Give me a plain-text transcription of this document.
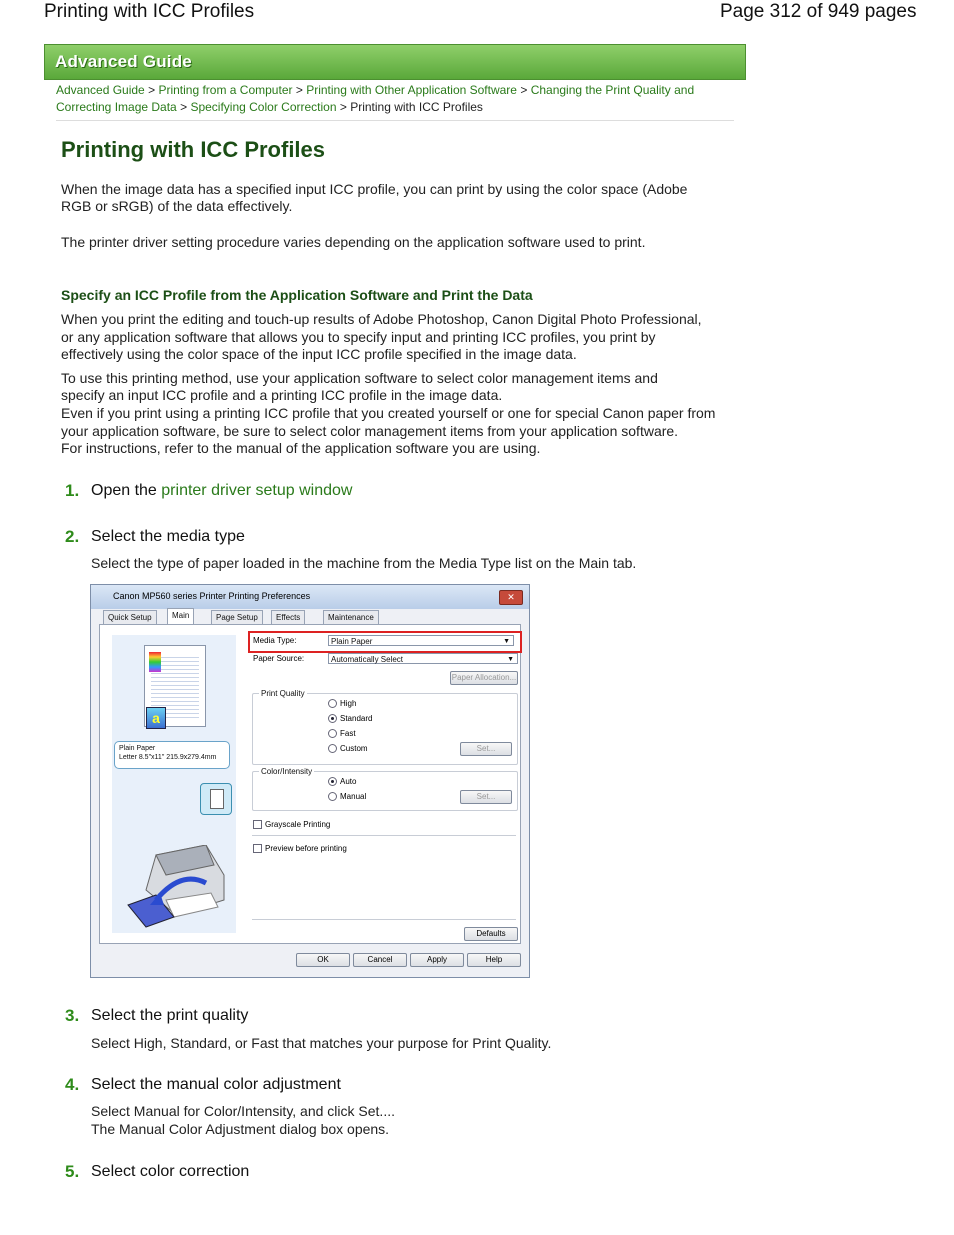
Printing with ICC Profiles	Page 312 of 949 pages
Advanced Guide
Advanced Guide > Printing from a Computer > Printing with Other Application Software > Changing the Print Quality and
Correcting Image Data > Specifying Color Correction > Printing with ICC Profiles
Printing with ICC Profiles
When the image data has a specified input ICC profile, you can print by using the color space (Adobe
RGB or sRGB) of the data effectively.
The printer driver setting procedure varies depending on the application software used to print.
Specify an ICC Profile from the Application Software and Print the Data
When you print the editing and touch-up results of Adobe Photoshop, Canon Digital Photo Professional,
or any application software that allows you to specify input and printing ICC profiles, you print by
effectively using the color space of the input ICC profile specified in the image data.
To use this printing method, use your application software to select color management items and
specify an input ICC profile and a printing ICC profile in the image data.
Even if you print using a printing ICC profile that you created yourself or one for special Canon paper from
your application software, be sure to select color management items from your application software.
For instructions, refer to the manual of the application software you are using.
1. Open the printer driver setup window
2. Select the media type
Select the type of paper loaded in the machine from the Media Type list on the Main tab.
Canon MP560 series Printer Printing Preferences	✕
Quick Setup	Main	Page Setup	Effects	Maintenance
Plain Paper
Letter 8.5"x11" 215.9x279.4mm
Media Type:	Plain Paper	▼
Paper Source:	Automatically Select	▼
Paper Allocation...
Print Quality
a
High
Standard
Fast
Custom	Set...
Color/Intensity
Auto
Manual	Set...
Grayscale Printing
Preview before printing
Defaults
OK	Cancel	Apply	Help
3. Select the print quality
Select High, Standard, or Fast that matches your purpose for Print Quality.
4. Select the manual color adjustment
Select Manual for Color/Intensity, and click Set....
The Manual Color Adjustment dialog box opens.
5. Select color correction
